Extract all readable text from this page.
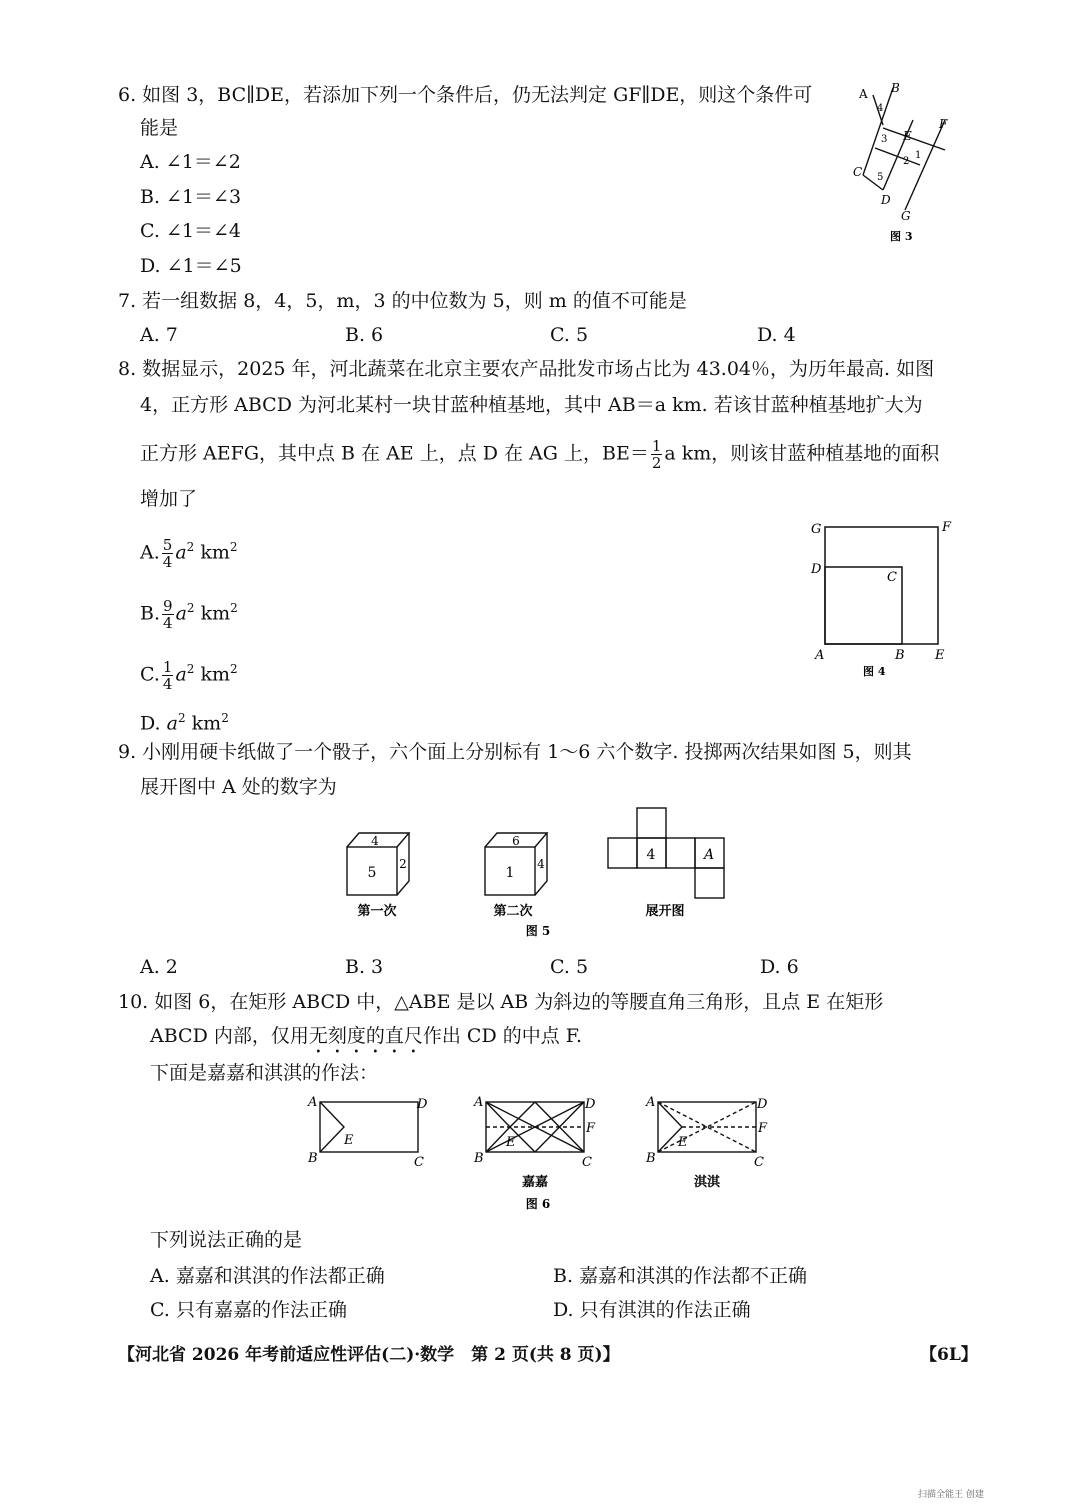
6. 如图 3，BC∥DE，若添加下列一个条件后，仍无法判定 GF∥DE，则这个条件可
能是
A. ∠1＝∠2
B. ∠1＝∠3
C. ∠1＝∠4
D. ∠1＝∠5
A B
C
D
E
F
G
1
2
3
4
5
图 3
7. 若一组数据 8，4，5，m，3 的中位数为 5，则 m 的值不可能是
A. 7	B. 6	C. 5	D. 4
8. 数据显示，2025 年，河北蔬菜在北京主要农产品批发市场占比为 43.04％，为历年最高. 如图
4，正方形 ABCD 为河北某村一块甘蓝种植基地，其中 AB＝a km. 若该甘蓝种植基地扩大为
正方形 AEFG，其中点 B 在 AE 上，点 D 在 AG 上，$BE= \frac{1}{2}$ a km，则该甘蓝种植基地的面积
增加了
A. $\frac{5}{4} a^2$ $km^2$
B. $\frac{9}{4} a^2$ $km^2$
C. $\frac{1}{4} a^2$ $km^2$
D. $a^2$ $km^2$
G	F
D
C
A	B E
图 4
9. 小刚用硬卡纸做了一个骰子，六个面上分别标有 1～6 六个数字. 投掷两次结果如图 5，则其
展开图中 A 处的数字为
4
5
2
第一次
6
1
4
第二次
4	A
展开图
图 5
A. 2	B. 3	C. 5	D. 6
10. 如图 6，在矩形 ABCD 中，△ABE 是以 AB 为斜边的等腰直角三角形，且点 E 在矩形
ABCD 内部，仅用无刻度的直尺作出 CD 的中点 F.
下面是嘉嘉和淇淇的作法：
A
B	C
D
E
A
B	C
D
E
F
嘉嘉
A
B	C
D
E
F
淇淇
图 6
下列说法正确的是
A. 嘉嘉和淇淇的作法都正确	B. 嘉嘉和淇淇的作法都不正确
C. 只有嘉嘉的作法正确	D. 只有淇淇的作法正确
【河北省 2026 年考前适应性评估(二)·数学　第 2 页(共 8 页)】	【6L】
扫描全能王 创建
